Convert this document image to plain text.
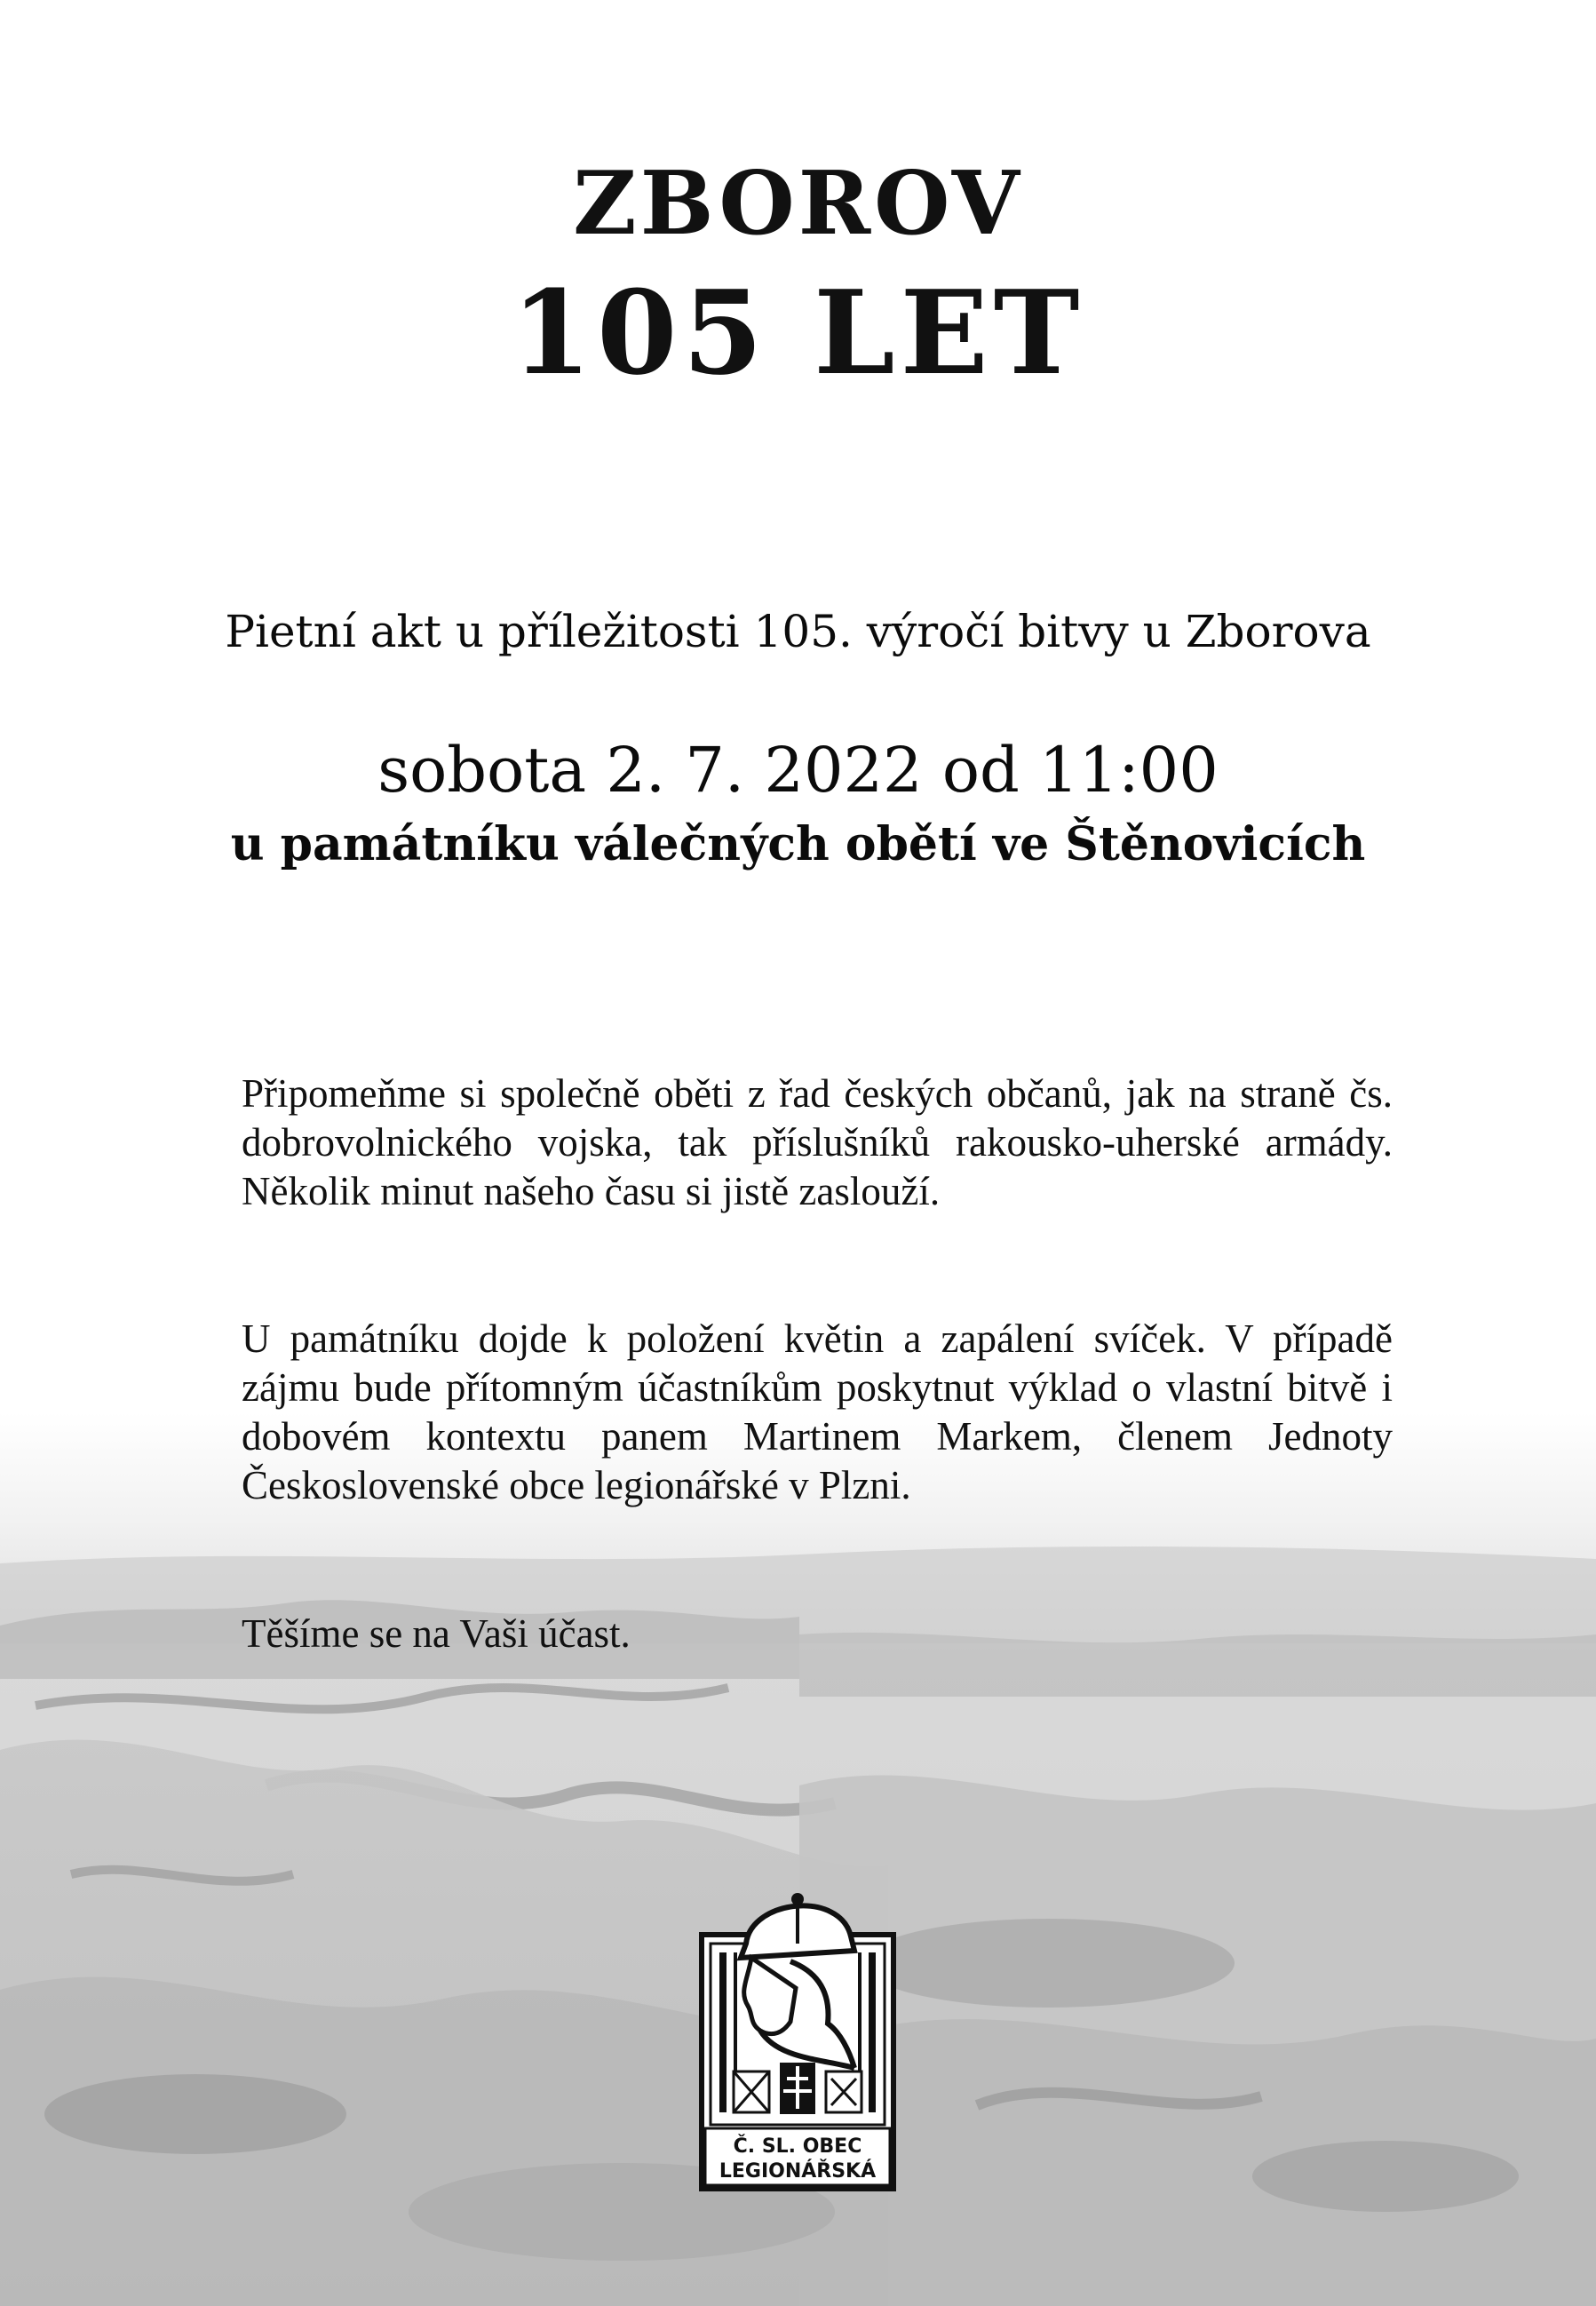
ZBOROV
105 LET
Pietní akt u příležitosti 105. výročí bitvy u Zborova
sobota 2. 7. 2022 od 11:00
u památníku válečných obětí ve Štěnovicích
Připomeňme si společně oběti z řad českých občanů, jak na straně čs. dobrovolnického vojska, tak příslušníků rakousko-uherské armády. Několik minut našeho času si jistě zaslouží.
U památníku dojde k položení květin a zapálení svíček. V případě zájmu bude přítomným účastníkům poskytnut výklad o vlastní bitvě i dobovém kontextu panem Martinem Markem, členem Jednoty Československé obce legionářské v Plzni.
Těšíme se na Vaši účast.
Č. SL. OBEC
LEGIONÁŘSKÁ
